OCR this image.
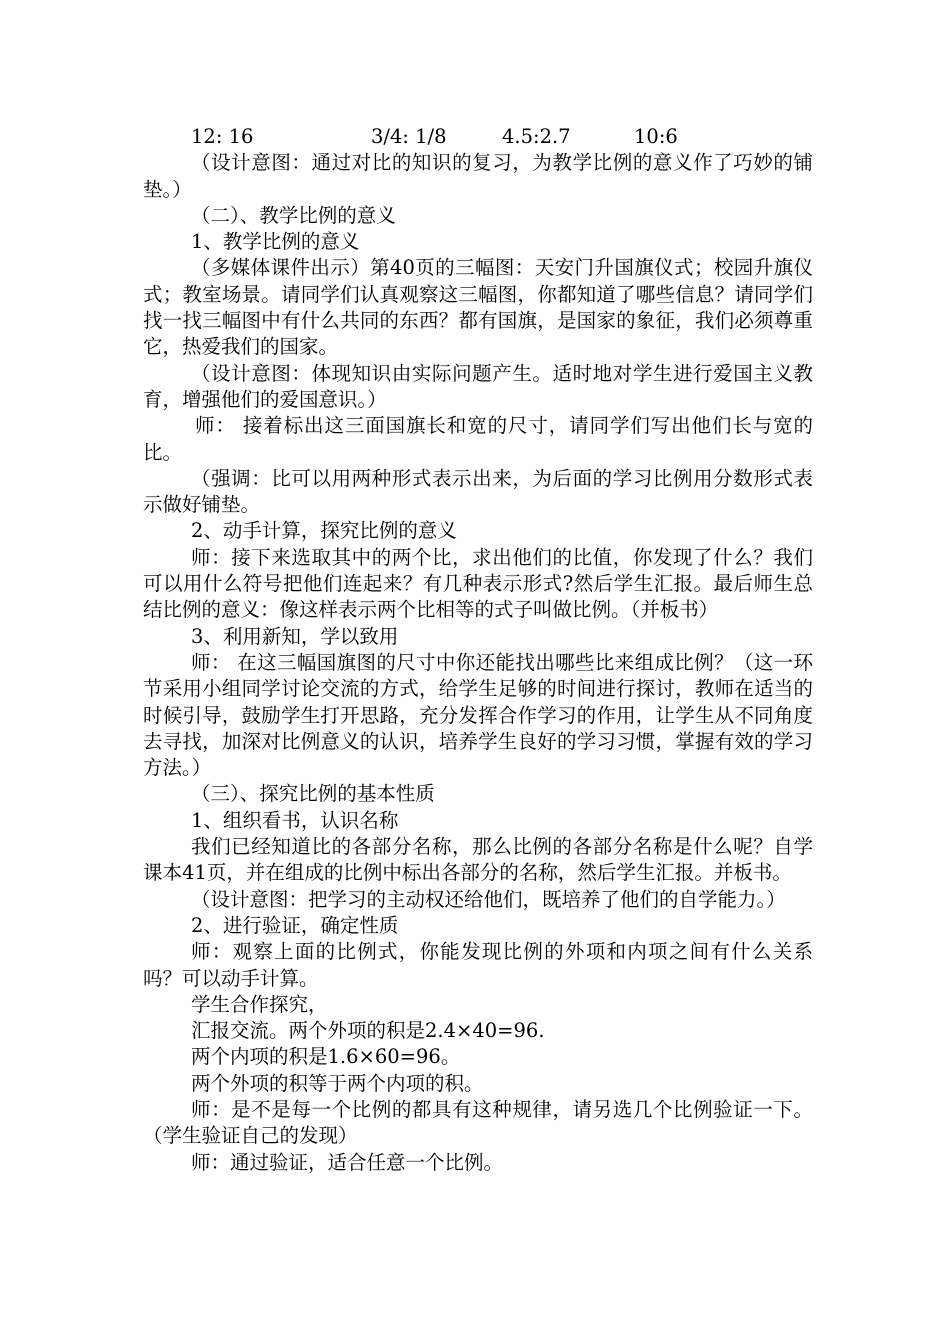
12: 16	3/4: 1/8	4.5:2.7	10:6

（设计意图：通过对比的知识的复习，为教学比例的意义作了巧妙的铺垫。）

（二）、教学比例的意义

1、教学比例的意义

（多媒体课件出示）第40页的三幅图：天安门升国旗仪式；校园升旗仪式；教室场景。请同学们认真观察这三幅图，你都知道了哪些信息？请同学们找一找三幅图中有什么共同的东西？都有国旗，是国家的象征，我们必须尊重它，热爱我们的国家。

（设计意图：体现知识由实际问题产生。适时地对学生进行爱国主义教育，增强他们的爱国意识。）

师： 接着标出这三面国旗长和宽的尺寸，请同学们写出他们长与宽的比。

（强调：比可以用两种形式表示出来，为后面的学习比例用分数形式表示做好铺垫。

2、动手计算，探究比例的意义

师：接下来选取其中的两个比，求出他们的比值，你发现了什么？我们可以用什么符号把他们连起来？有几种表示形式?然后学生汇报。最后师生总结比例的意义：像这样表示两个比相等的式子叫做比例。（并板书）

3、利用新知，学以致用

师： 在这三幅国旗图的尺寸中你还能找出哪些比来组成比例？（这一环节采用小组同学讨论交流的方式，给学生足够的时间进行探讨，教师在适当的时候引导，鼓励学生打开思路，充分发挥合作学习的作用，让学生从不同角度去寻找，加深对比例意义的认识，培养学生良好的学习习惯，掌握有效的学习方法。）

（三）、探究比例的基本性质

1、组织看书，认识名称

我们已经知道比的各部分名称，那么比例的各部分名称是什么呢？自学课本41页，并在组成的比例中标出各部分的名称，然后学生汇报。并板书。

（设计意图：把学习的主动权还给他们，既培养了他们的自学能力。）

2、进行验证，确定性质

师：观察上面的比例式，你能发现比例的外项和内项之间有什么关系吗？可以动手计算。

学生合作探究，

汇报交流。两个外项的积是2.4×40=96.

两个内项的积是1.6×60=96。

两个外项的积等于两个内项的积。

师：是不是每一个比例的都具有这种规律，请另选几个比例验证一下。（学生验证自己的发现）

师：通过验证，适合任意一个比例。
